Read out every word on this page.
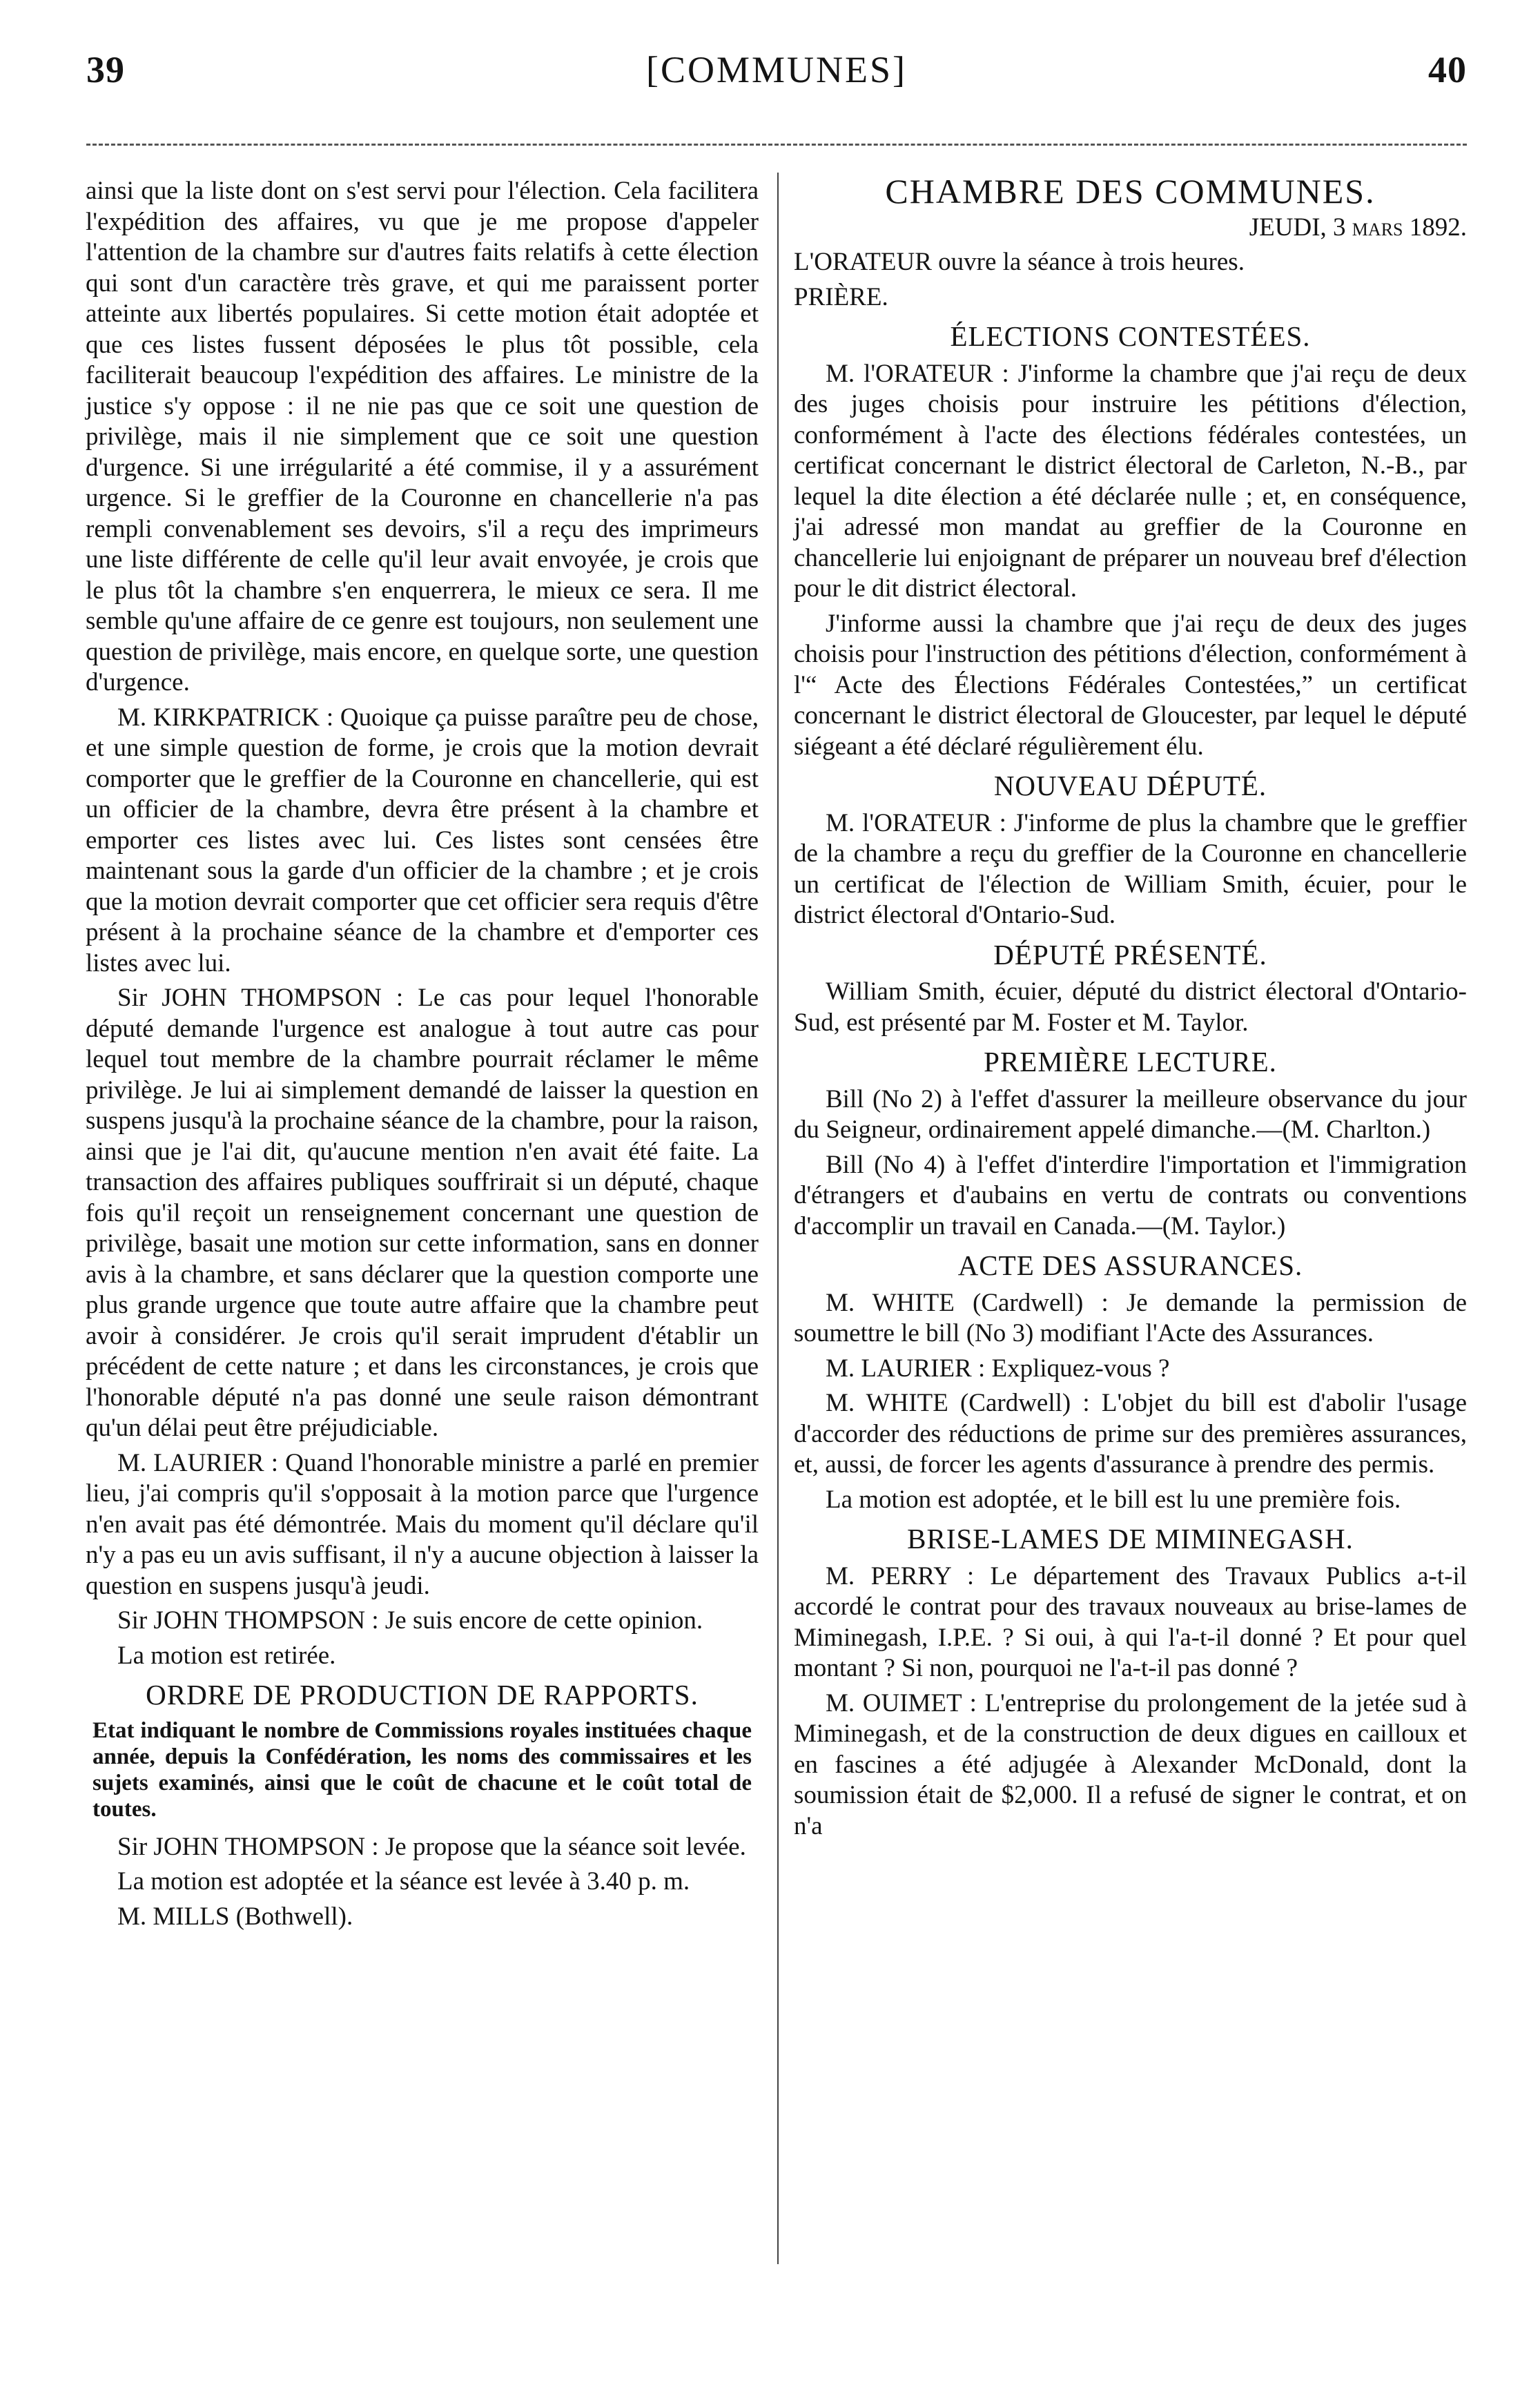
39	[COMMUNES]	40

ainsi que la liste dont on s'est servi pour l'élection. Cela facilitera l'expédition des affaires, vu que je me propose d'appeler l'attention de la chambre sur d'autres faits relatifs à cette élection qui sont d'un caractère très grave, et qui me paraissent porter atteinte aux libertés populaires. Si cette motion était adoptée et que ces listes fussent déposées le plus tôt possible, cela faciliterait beaucoup l'expédition des affaires. Le ministre de la justice s'y oppose : il ne nie pas que ce soit une question de privilège, mais il nie simplement que ce soit une question d'urgence. Si une irrégularité a été commise, il y a assurément urgence. Si le greffier de la Couronne en chancellerie n'a pas rempli convenablement ses devoirs, s'il a reçu des imprimeurs une liste différente de celle qu'il leur avait envoyée, je crois que le plus tôt la chambre s'en enquerrera, le mieux ce sera. Il me semble qu'une affaire de ce genre est toujours, non seulement une question de privilège, mais encore, en quelque sorte, une question d'urgence.

M. KIRKPATRICK : Quoique ça puisse paraître peu de chose, et une simple question de forme, je crois que la motion devrait comporter que le greffier de la Couronne en chancellerie, qui est un officier de la chambre, devra être présent à la chambre et emporter ces listes avec lui. Ces listes sont censées être maintenant sous la garde d'un officier de la chambre ; et je crois que la motion devrait comporter que cet officier sera requis d'être présent à la prochaine séance de la chambre et d'emporter ces listes avec lui.

Sir JOHN THOMPSON : Le cas pour lequel l'honorable député demande l'urgence est analogue à tout autre cas pour lequel tout membre de la chambre pourrait réclamer le même privilège. Je lui ai simplement demandé de laisser la question en suspens jusqu'à la prochaine séance de la chambre, pour la raison, ainsi que je l'ai dit, qu'aucune mention n'en avait été faite. La transaction des affaires publiques souffrirait si un député, chaque fois qu'il reçoit un renseignement concernant une question de privilège, basait une motion sur cette information, sans en donner avis à la chambre, et sans déclarer que la question comporte une plus grande urgence que toute autre affaire que la chambre peut avoir à considérer. Je crois qu'il serait imprudent d'établir un précédent de cette nature ; et dans les circonstances, je crois que l'honorable député n'a pas donné une seule raison démontrant qu'un délai peut être préjudiciable.

M. LAURIER : Quand l'honorable ministre a parlé en premier lieu, j'ai compris qu'il s'opposait à la motion parce que l'urgence n'en avait pas été démontrée. Mais du moment qu'il déclare qu'il n'y a pas eu un avis suffisant, il n'y a aucune objection à laisser la question en suspens jusqu'à jeudi.

Sir JOHN THOMPSON : Je suis encore de cette opinion.

La motion est retirée.

ORDRE DE PRODUCTION DE RAPPORTS.

Etat indiquant le nombre de Commissions royales instituées chaque année, depuis la Confédération, les noms des commissaires et les sujets examinés, ainsi que le coût de chacune et le coût total de toutes.

Sir JOHN THOMPSON : Je propose que la séance soit levée.

La motion est adoptée et la séance est levée à 3.40 p. m.

M. MILLS (Bothwell).

CHAMBRE DES COMMUNES.

JEUDI, 3 mars 1892.

L'ORATEUR ouvre la séance à trois heures.

PRIÈRE.

ÉLECTIONS CONTESTÉES.

M. l'ORATEUR : J'informe la chambre que j'ai reçu de deux des juges choisis pour instruire les pétitions d'élection, conformément à l'acte des élections fédérales contestées, un certificat concernant le district électoral de Carleton, N.-B., par lequel la dite élection a été déclarée nulle ; et, en conséquence, j'ai adressé mon mandat au greffier de la Couronne en chancellerie lui enjoignant de préparer un nouveau bref d'élection pour le dit district électoral.

J'informe aussi la chambre que j'ai reçu de deux des juges choisis pour l'instruction des pétitions d'élection, conformément à l'“ Acte des Élections Fédérales Contestées,” un certificat concernant le district électoral de Gloucester, par lequel le député siégeant a été déclaré régulièrement élu.

NOUVEAU DÉPUTÉ.

M. l'ORATEUR : J'informe de plus la chambre que le greffier de la chambre a reçu du greffier de la Couronne en chancellerie un certificat de l'élection de William Smith, écuier, pour le district électoral d'Ontario-Sud.

DÉPUTÉ PRÉSENTÉ.

William Smith, écuier, député du district électoral d'Ontario-Sud, est présenté par M. Foster et M. Taylor.

PREMIÈRE LECTURE.

Bill (No 2) à l'effet d'assurer la meilleure observance du jour du Seigneur, ordinairement appelé dimanche.—(M. Charlton.)

Bill (No 4) à l'effet d'interdire l'importation et l'immigration d'étrangers et d'aubains en vertu de contrats ou conventions d'accomplir un travail en Canada.—(M. Taylor.)

ACTE DES ASSURANCES.

M. WHITE (Cardwell) : Je demande la permission de soumettre le bill (No 3) modifiant l'Acte des Assurances.

M. LAURIER : Expliquez-vous ?

M. WHITE (Cardwell) : L'objet du bill est d'abolir l'usage d'accorder des réductions de prime sur des premières assurances, et, aussi, de forcer les agents d'assurance à prendre des permis.

La motion est adoptée, et le bill est lu une première fois.

BRISE-LAMES DE MIMINEGASH.

M. PERRY : Le département des Travaux Publics a-t-il accordé le contrat pour des travaux nouveaux au brise-lames de Miminegash, I.P.E. ? Si oui, à qui l'a-t-il donné ? Et pour quel montant ? Si non, pourquoi ne l'a-t-il pas donné ?

M. OUIMET : L'entreprise du prolongement de la jetée sud à Miminegash, et de la construction de deux digues en cailloux et en fascines a été adjugée à Alexander McDonald, dont la soumission était de $2,000. Il a refusé de signer le contrat, et on n'a
